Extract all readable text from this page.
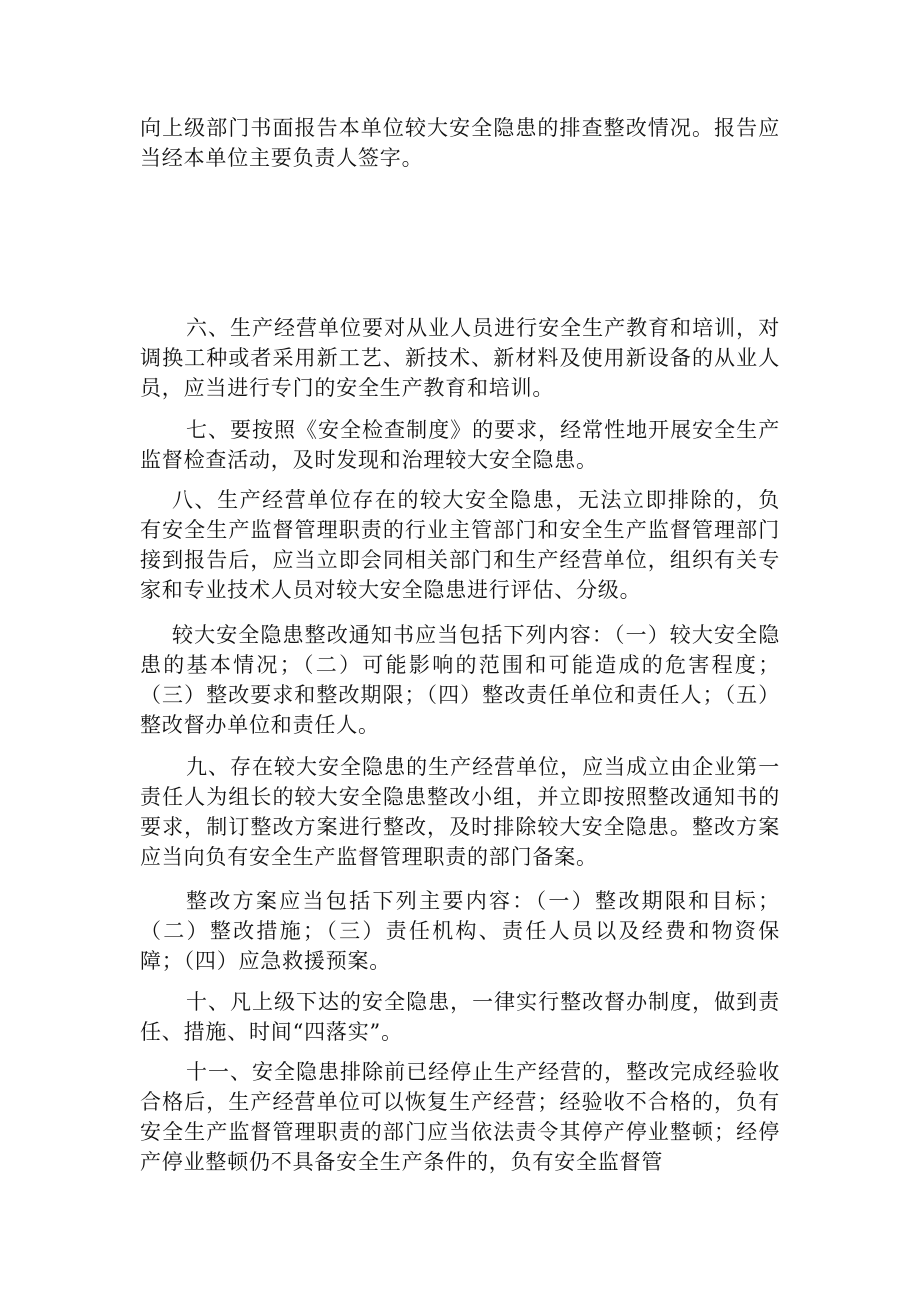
向上级部门书面报告本单位较大安全隐患的排查整改情况。报告应当经本单位主要负责人签字。

六、生产经营单位要对从业人员进行安全生产教育和培训，对调换工种或者采用新工艺、新技术、新材料及使用新设备的从业人员，应当进行专门的安全生产教育和培训。

七、要按照《安全检查制度》的要求，经常性地开展安全生产监督检查活动，及时发现和治理较大安全隐患。

八、生产经营单位存在的较大安全隐患，无法立即排除的，负有安全生产监督管理职责的行业主管部门和安全生产监督管理部门接到报告后，应当立即会同相关部门和生产经营单位，组织有关专家和专业技术人员对较大安全隐患进行评估、分级。

较大安全隐患整改通知书应当包括下列内容：（一）较大安全隐患的基本情况；（二）可能影响的范围和可能造成的危害程度；（三）整改要求和整改期限；（四）整改责任单位和责任人；（五）整改督办单位和责任人。

九、存在较大安全隐患的生产经营单位，应当成立由企业第一责任人为组长的较大安全隐患整改小组，并立即按照整改通知书的要求，制订整改方案进行整改，及时排除较大安全隐患。整改方案应当向负有安全生产监督管理职责的部门备案。

整改方案应当包括下列主要内容：（一）整改期限和目标；（二）整改措施；（三）责任机构、责任人员以及经费和物资保障；（四）应急救援预案。

十、凡上级下达的安全隐患，一律实行整改督办制度，做到责任、措施、时间“四落实”。

十一、安全隐患排除前已经停止生产经营的，整改完成经验收合格后，生产经营单位可以恢复生产经营；经验收不合格的，负有安全生产监督管理职责的部门应当依法责令其停产停业整顿；经停产停业整顿仍不具备安全生产条件的，负有安全监督管
